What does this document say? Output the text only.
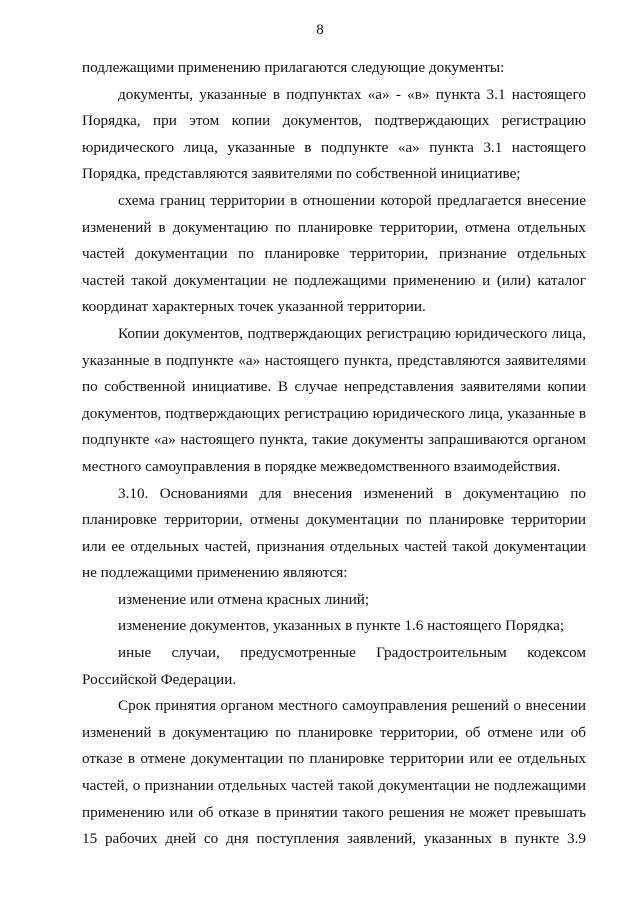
8

подлежащими применению прилагаются следующие документы:

документы, указанные в подпунктах «а» - «в» пункта 3.1 настоящего Порядка, при этом копии документов, подтверждающих регистрацию юридического лица, указанные в подпункте «а» пункта 3.1 настоящего Порядка, представляются заявителями по собственной инициативе;

схема границ территории в отношении которой предлагается внесение изменений в документацию по планировке территории, отмена отдельных частей документации по планировке территории, признание отдельных частей такой документации не подлежащими применению и (или) каталог координат характерных точек указанной территории.

Копии документов, подтверждающих регистрацию юридического лица, указанные в подпункте «а» настоящего пункта, представляются заявителями по собственной инициативе. В случае непредставления заявителями копии документов, подтверждающих регистрацию юридического лица, указанные в подпункте «а» настоящего пункта, такие документы запрашиваются органом местного самоуправления в порядке межведомственного взаимодействия.

3.10. Основаниями для внесения изменений в документацию по планировке территории, отмены документации по планировке территории или ее отдельных частей, признания отдельных частей такой документации не подлежащими применению являются:

изменение или отмена красных линий;

изменение документов, указанных в пункте 1.6 настоящего Порядка;

иные случаи, предусмотренные Градостроительным кодексом Российской Федерации.

Срок принятия органом местного самоуправления решений о внесении изменений в документацию по планировке территории, об отмене или об отказе в отмене документации по планировке территории или ее отдельных частей, о признании отдельных частей такой документации не подлежащими применению или об отказе в принятии такого решения не может превышать 15 рабочих дней со дня поступления заявлений, указанных в пункте 3.9
